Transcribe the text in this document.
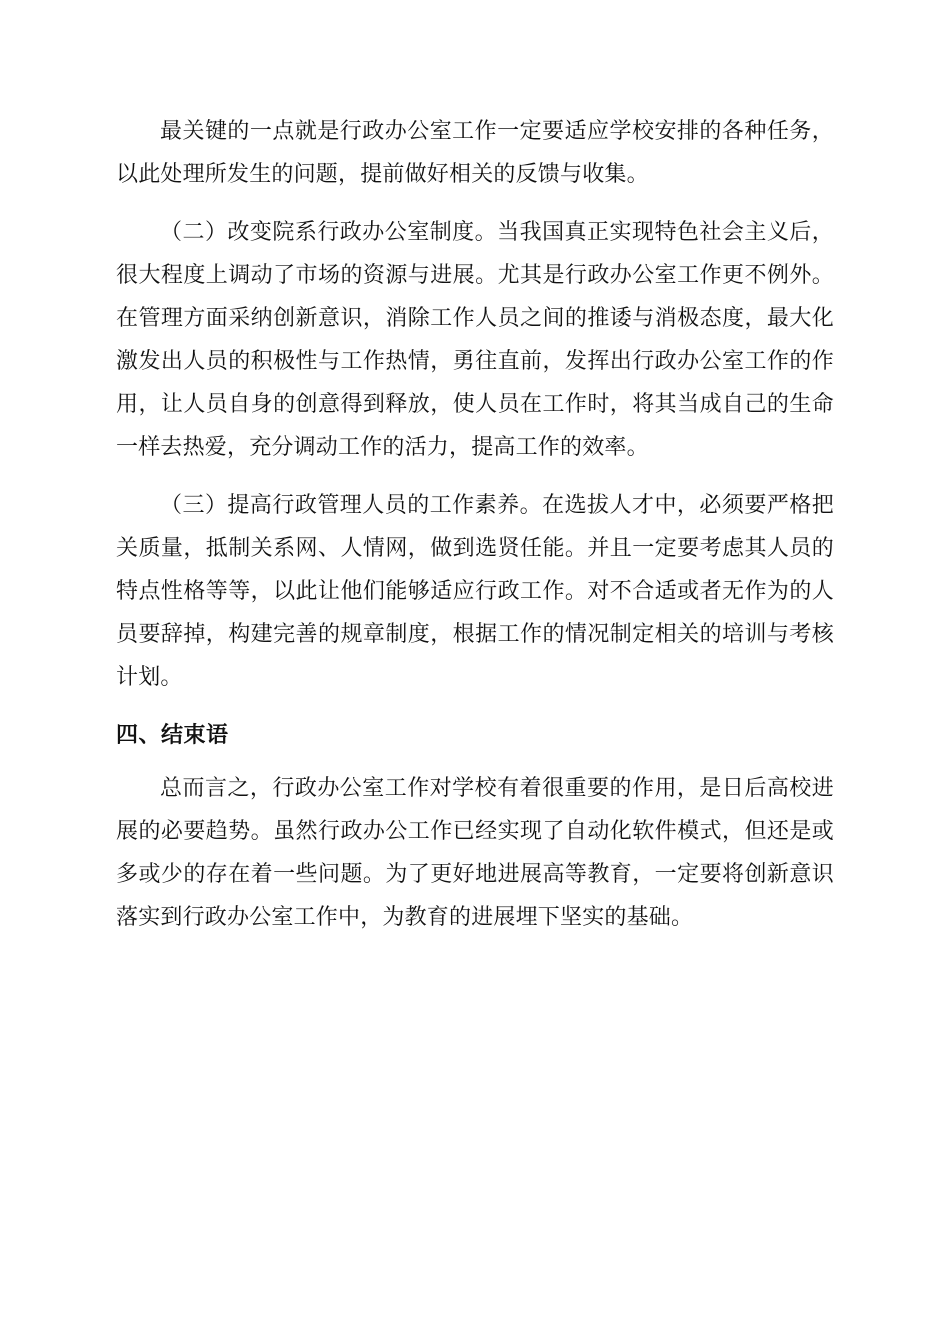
最关键的一点就是行政办公室工作一定要适应学校安排的各种任务，以此处理所发生的问题，提前做好相关的反馈与收集。

（二）改变院系行政办公室制度。当我国真正实现特色社会主义后，很大程度上调动了市场的资源与进展。尤其是行政办公室工作更不例外。在管理方面采纳创新意识，消除工作人员之间的推诿与消极态度，最大化激发出人员的积极性与工作热情，勇往直前，发挥出行政办公室工作的作用，让人员自身的创意得到释放，使人员在工作时，将其当成自己的生命一样去热爱，充分调动工作的活力，提高工作的效率。

（三）提高行政管理人员的工作素养。在选拔人才中，必须要严格把关质量，抵制关系网、人情网，做到选贤任能。并且一定要考虑其人员的特点性格等等，以此让他们能够适应行政工作。对不合适或者无作为的人员要辞掉，构建完善的规章制度，根据工作的情况制定相关的培训与考核计划。

四、结束语

总而言之，行政办公室工作对学校有着很重要的作用，是日后高校进展的必要趋势。虽然行政办公工作已经实现了自动化软件模式，但还是或多或少的存在着一些问题。为了更好地进展高等教育，一定要将创新意识落实到行政办公室工作中，为教育的进展埋下坚实的基础。
